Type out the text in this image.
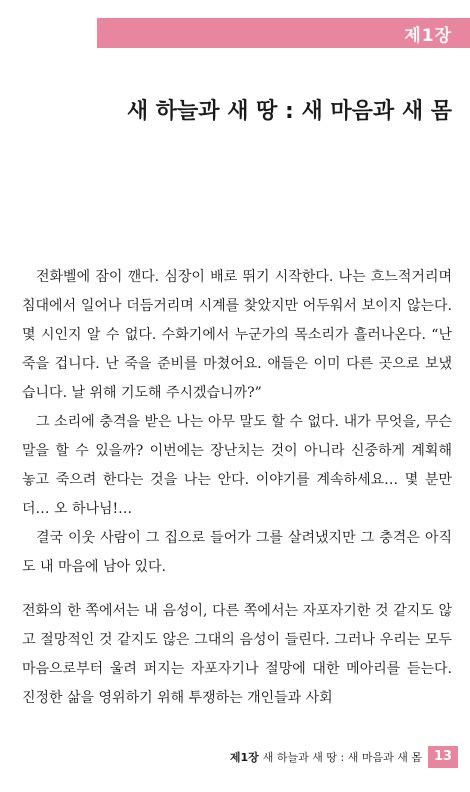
제1장
새 하늘과 새 땅 : 새 마음과 새 몸

전화벨에 잠이 깬다. 심장이 배로 뛰기 시작한다. 나는 흐느적거리며 침대에서 일어나 더듬거리며 시계를 찾았지만 어두워서 보이지 않는다. 몇 시인지 알 수 없다. 수화기에서 누군가의 목소리가 흘러나온다. “난 죽을 겁니다. 난 죽을 준비를 마쳤어요. 애들은 이미 다른 곳으로 보냈습니다. 날 위해 기도해 주시겠습니까?”

그 소리에 충격을 받은 나는 아무 말도 할 수 없다. 내가 무엇을, 무슨 말을 할 수 있을까? 이번에는 장난치는 것이 아니라 신중하게 계획해 놓고 죽으려 한다는 것을 나는 안다. 이야기를 계속하세요… 몇 분만 더… 오 하나님!…

결국 이웃 사람이 그 집으로 들어가 그를 살려냈지만 그 충격은 아직도 내 마음에 남아 있다.

전화의 한 쪽에서는 내 음성이, 다른 쪽에서는 자포자기한 것 같지도 않고 절망적인 것 같지도 않은 그대의 음성이 들린다. 그러나 우리는 모두 마음으로부터 울려 퍼지는 자포자기나 절망에 대한 메아리를 듣는다. 진정한 삶을 영위하기 위해 투쟁하는 개인들과 사회

제1장 새 하늘과 새 땅 : 새 마음과 새 몸 13
